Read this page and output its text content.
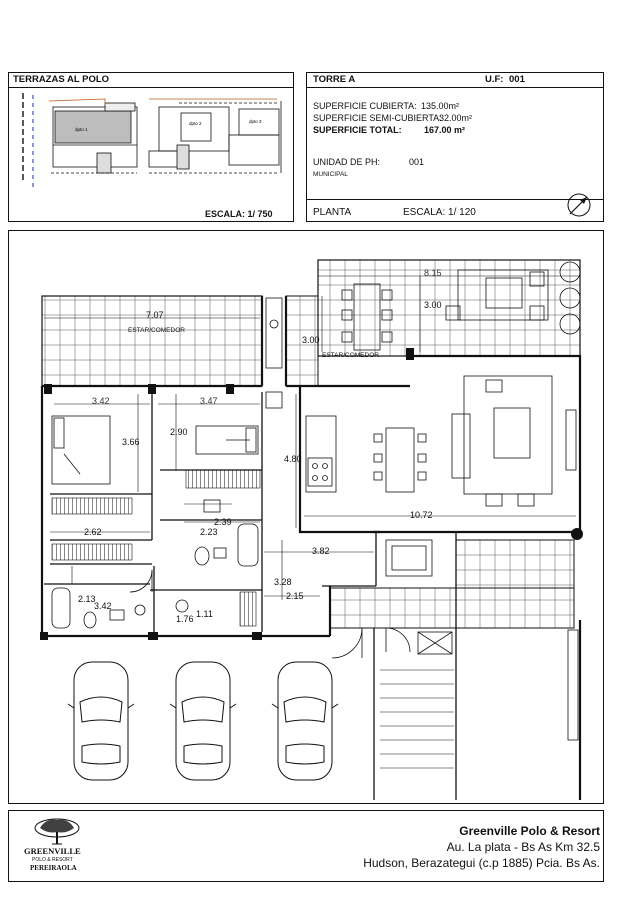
TERRAZAS AL POLO
dpto 1
dpto 2	dpto 3
ESCALA: 1/ 750
TORRE A	U.F: 001
SUPERFICIE CUBIERTA: 135.00m²
SUPERFICIE SEMI-CUBIERTA:
32.00m²
SUPERFICIE TOTAL: 167.00 m²
UNIDAD DE PH:	001
MUNICIPAL
PLANTA	ESCALA: 1/ 120
ESTAR/COMEDOR
ESTAR/COMEDOR
7.07
8.15
3.00
3.00
3.42	3.47
3.66
2.90
4.80
10.72
2.62
2.39
2.23
3.82
3.28
2.13
3.42
2.15
1.11
1.76
GREENVILLE
POLO & RESORT
PEREIRAOLA
Greenville Polo & Resort
Au. La plata - Bs As Km 32.5
Hudson, Berazategui (c.p 1885) Pcia. Bs As.
